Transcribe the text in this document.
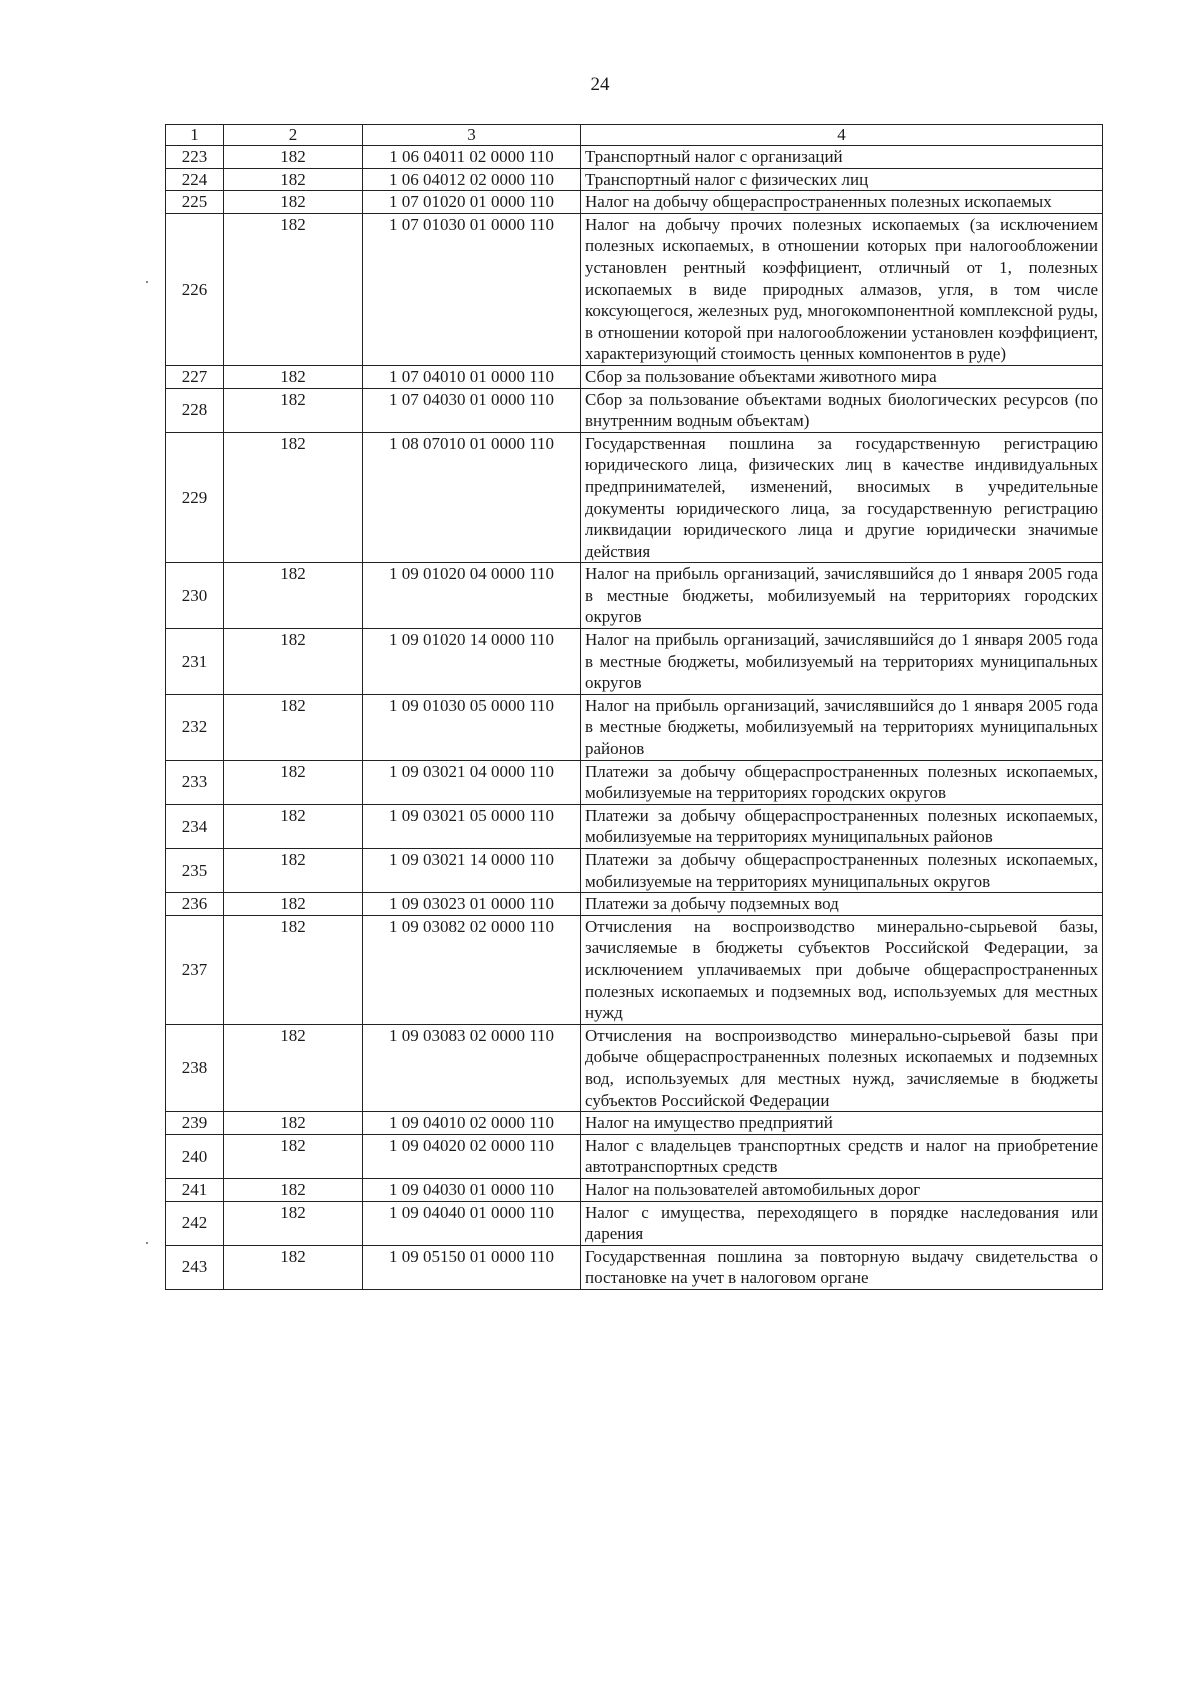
24
1	2	3	4
223	182	1 06 04011 02 0000 110	Транспортный налог с организаций
224	182	1 06 04012 02 0000 110	Транспортный налог с физических лиц
225	182	1 07 01020 01 0000 110	Налог на добычу общераспространенных полезных ископаемых
226	182	1 07 01030 01 0000 110	Налог на добычу прочих полезных ископаемых (за исключением полезных ископаемых, в отношении которых при налогообложении установлен рентный коэффициент, отличный от 1, полезных ископаемых в виде природных алмазов, угля, в том числе коксующегося, железных руд, многокомпонентной комплексной руды, в отношении которой при налогообложении установлен коэффициент, характеризующий стоимость ценных компонентов в руде)
227	182	1 07 04010 01 0000 110	Сбор за пользование объектами животного мира
228	182	1 07 04030 01 0000 110	Сбор за пользование объектами водных биологических ресурсов (по внутренним водным объектам)
229	182	1 08 07010 01 0000 110	Государственная пошлина за государственную регистрацию юридического лица, физических лиц в качестве индивидуальных предпринимателей, изменений, вносимых в учредительные документы юридического лица, за государственную регистрацию ликвидации юридического лица и другие юридически значимые действия
230	182	1 09 01020 04 0000 110	Налог на прибыль организаций, зачислявшийся до 1 января 2005 года в местные бюджеты, мобилизуемый на территориях городских округов
231	182	1 09 01020 14 0000 110	Налог на прибыль организаций, зачислявшийся до 1 января 2005 года в местные бюджеты, мобилизуемый на территориях муниципальных округов
232	182	1 09 01030 05 0000 110	Налог на прибыль организаций, зачислявшийся до 1 января 2005 года в местные бюджеты, мобилизуемый на территориях муниципальных районов
233	182	1 09 03021 04 0000 110	Платежи за добычу общераспространенных полезных ископаемых, мобилизуемые на территориях городских округов
234	182	1 09 03021 05 0000 110	Платежи за добычу общераспространенных полезных ископаемых, мобилизуемые на территориях муниципальных районов
235	182	1 09 03021 14 0000 110	Платежи за добычу общераспространенных полезных ископаемых, мобилизуемые на территориях муниципальных округов
236	182	1 09 03023 01 0000 110	Платежи за добычу подземных вод
237	182	1 09 03082 02 0000 110	Отчисления на воспроизводство минерально-сырьевой базы, зачисляемые в бюджеты субъектов Российской Федерации, за исключением уплачиваемых при добыче общераспространенных полезных ископаемых и подземных вод, используемых для местных нужд
238	182	1 09 03083 02 0000 110	Отчисления на воспроизводство минерально-сырьевой базы при добыче общераспространенных полезных ископаемых и подземных вод, используемых для местных нужд, зачисляемые в бюджеты субъектов Российской Федерации
239	182	1 09 04010 02 0000 110	Налог на имущество предприятий
240	182	1 09 04020 02 0000 110	Налог с владельцев транспортных средств и налог на приобретение автотранспортных средств
241	182	1 09 04030 01 0000 110	Налог на пользователей автомобильных дорог
242	182	1 09 04040 01 0000 110	Налог с имущества, переходящего в порядке наследования или дарения
243	182	1 09 05150 01 0000 110	Государственная пошлина за повторную выдачу свидетельства о постановке на учет в налоговом органе
